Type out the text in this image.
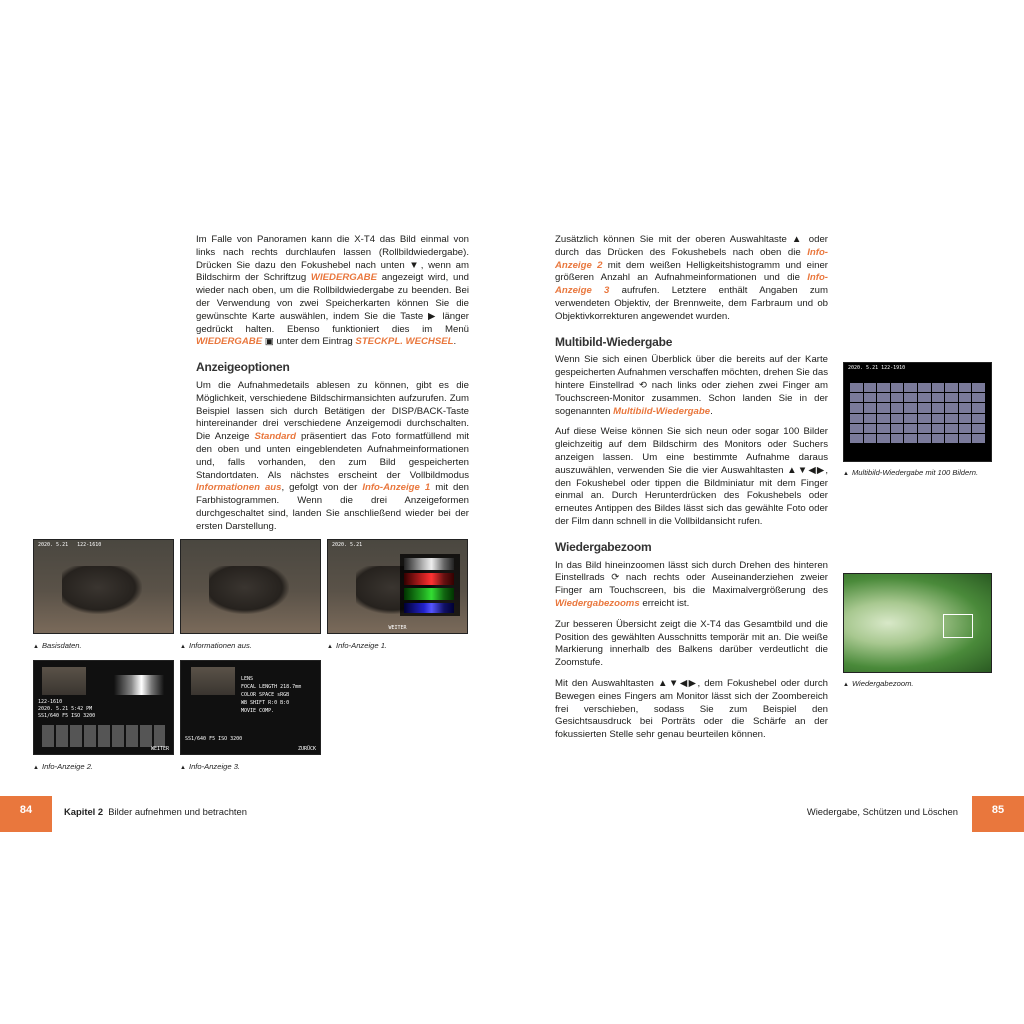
Im Falle von Panoramen kann die X-T4 das Bild einmal von links nach rechts durchlaufen lassen (Rollbildwiedergabe). Drücken Sie dazu den Fokushebel nach unten ▼, wenn am Bildschirm der Schriftzug WIEDERGABE angezeigt wird, und wieder nach oben, um die Rollbildwiedergabe zu beenden. Bei der Verwendung von zwei Speicherkarten können Sie die gewünschte Karte auswählen, indem Sie die Taste ▶ länger gedrückt halten. Ebenso funktioniert dies im Menü WIEDERGABE ▣ unter dem Eintrag STECKPL. WECHSEL.

Anzeigeoptionen

Um die Aufnahmedetails ablesen zu können, gibt es die Möglichkeit, verschiedene Bildschirmansichten aufzurufen. Zum Beispiel lassen sich durch Betätigen der DISP/BACK-Taste hintereinander drei verschiedene Anzeigemodi durchschalten. Die Anzeige Standard präsentiert das Foto formatfüllend mit den oben und unten eingeblendeten Aufnahmeinformationen und, falls vorhanden, den zum Bild gespeicherten Standortdaten. Als nächstes erscheint der Vollbildmodus Informationen aus, gefolgt von der Info-Anzeige 1 mit den Farbhistogrammen. Wenn die drei Anzeigeformen durchgeschaltet sind, landen Sie anschließend wieder bei der ersten Darstellung.

2020. 5.21 122-1610	2020. 5.21
WEITER
▲ Basisdaten.	▲ Informationen aus.	▲ Info-Anzeige 1.
122-1610
2020. 5.21 5:42 PM
SS1/640 F5 ISO 3200
WEITER
LENS
FOCAL LENGTH 218.7mm
COLOR SPACE sRGB
WB SHIFT R:0 B:0
MOVIE COMP.
SS1/640 F5 ISO 3200
ZURÜCK
▲ Info-Anzeige 2.	▲ Info-Anzeige 3.

Zusätzlich können Sie mit der oberen Auswahltaste ▲ oder durch das Drücken des Fokushebels nach oben die Info-Anzeige 2 mit dem weißen Helligkeitshistogramm und einer größeren Anzahl an Aufnahmeinformationen und die Info-Anzeige 3 aufrufen. Letztere enthält Angaben zum verwendeten Objektiv, der Brennweite, dem Farbraum und ob Objektivkorrekturen angewendet wurden.

Multibild-Wiedergabe

Wenn Sie sich einen Überblick über die bereits auf der Karte gespeicherten Aufnahmen verschaffen möchten, drehen Sie das hintere Einstellrad ⟲ nach links oder ziehen zwei Finger am Touchscreen-Monitor zusammen. Schon landen Sie in der sogenannten Multibild-Wiedergabe.

Auf diese Weise können Sie sich neun oder sogar 100 Bilder gleichzeitig auf dem Bildschirm des Monitors oder Suchers anzeigen lassen. Um eine bestimmte Aufnahme daraus auszuwählen, verwenden Sie die vier Auswahltasten ▲▼◀▶, den Fokushebel oder tippen die Bildminiatur mit dem Finger einmal an. Durch Herunterdrücken des Fokushebels oder erneutes Antippen des Bildes lässt sich das gewählte Foto oder der Film dann schnell in die Vollbildansicht rufen.

Wiedergabezoom

In das Bild hineinzoomen lässt sich durch Drehen des hinteren Einstellrads ⟳ nach rechts oder Auseinanderziehen zweier Finger am Touchscreen, bis die Maximalvergrößerung des Wiedergabezooms erreicht ist.

Zur besseren Übersicht zeigt die X-T4 das Gesamtbild und die Position des gewählten Ausschnitts temporär mit an. Die weiße Markierung innerhalb des Balkens darüber verdeutlicht die Zoomstufe.

Mit den Auswahltasten ▲▼◀▶, dem Fokushebel oder durch Bewegen eines Fingers am Monitor lässt sich der Zoombereich frei verschieben, sodass Sie zum Beispiel den Gesichtsausdruck bei Porträts oder die Schärfe an der fokussierten Stelle sehr genau beurteilen können.

2020. 5.21 122-1910
▲ Multibild-Wiedergabe mit 100 Bildern.
▲ Wiedergabezoom.
84	Kapitel 2 Bilder aufnehmen und betrachten	Wiedergabe, Schützen und Löschen	85
